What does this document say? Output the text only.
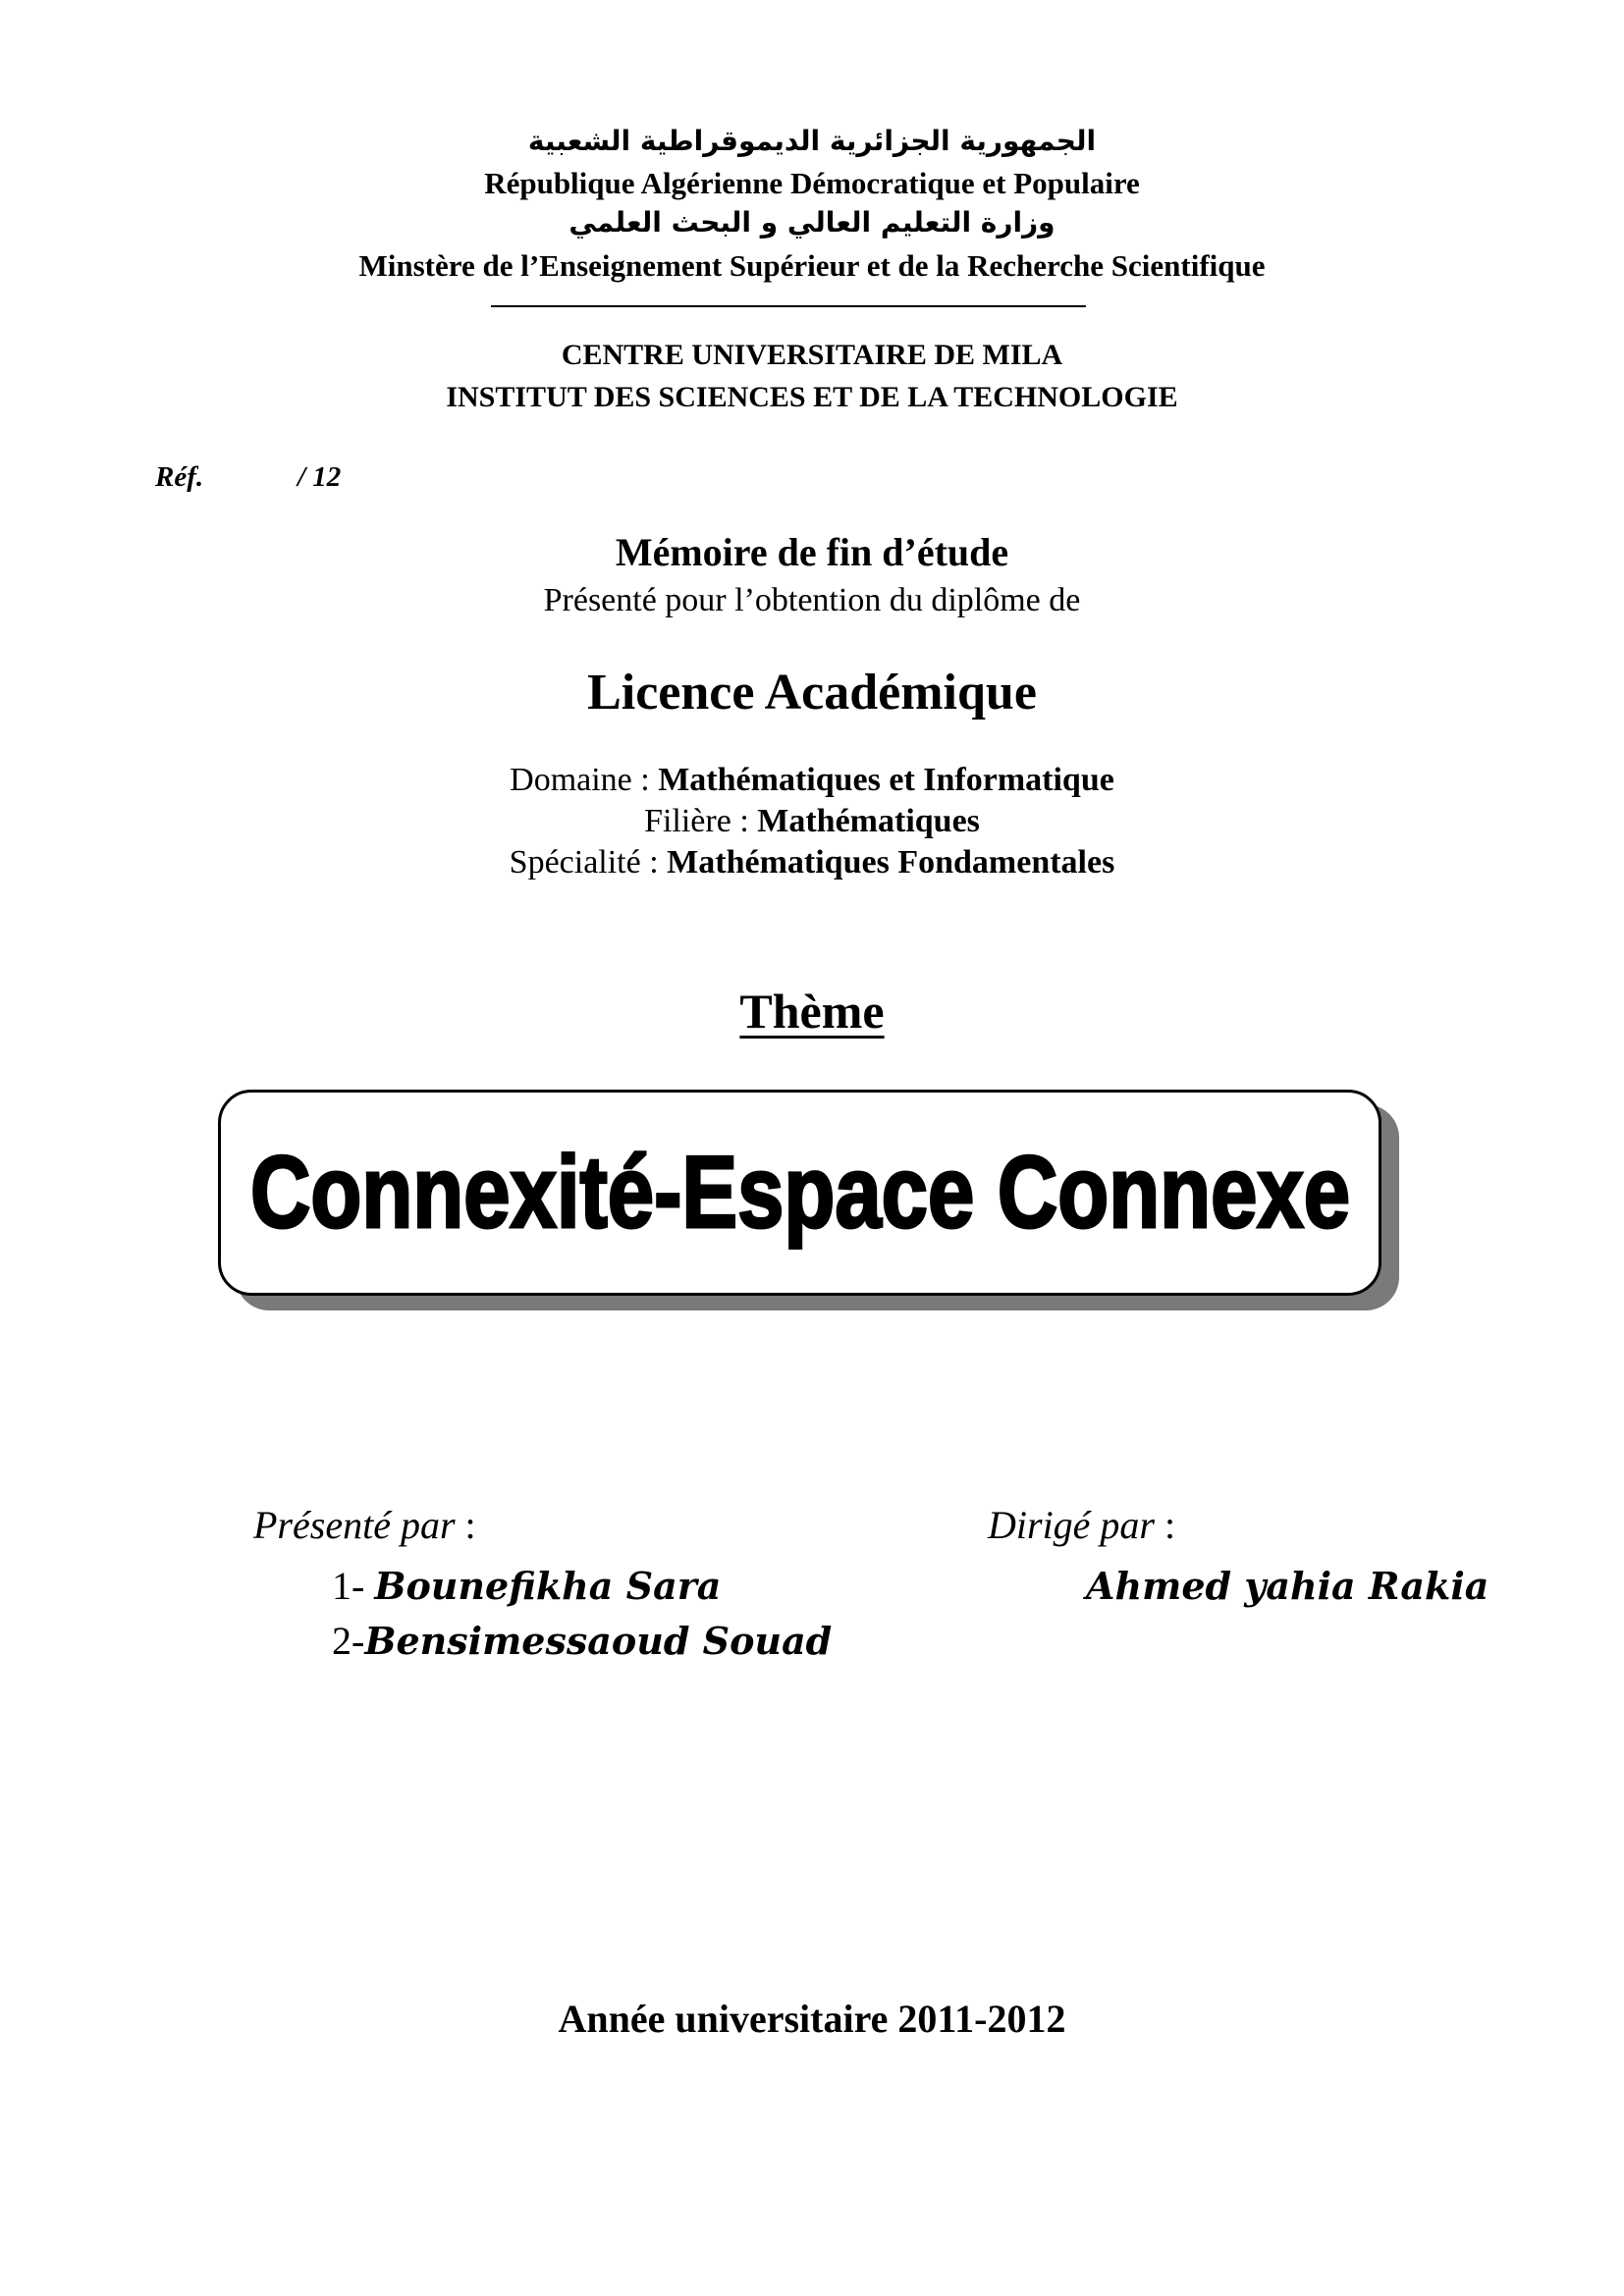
الجمهورية الجزائرية الديموقراطية الشعبية
République Algérienne Démocratique et Populaire
وزارة التعليم العالي و البحث العلمي
Minstère de l’Enseignement Supérieur et de la Recherche Scientifique
CENTRE UNIVERSITAIRE DE MILA
INSTITUT DES SCIENCES ET DE LA TECHNOLOGIE
Réf.	/ 12
Mémoire de fin d’étude
Présenté pour l’obtention du diplôme de
Licence Académique
Domaine : Mathématiques et Informatique
Filière : Mathématiques
Spécialité : Mathématiques Fondamentales
Thème
Connexité-Espace Connexe
Présenté par :	Dirigé par :
1- Bounefikha Sara
2-Bensimessaoud Souad
Ahmed yahia Rakia
Année universitaire 2011-2012
